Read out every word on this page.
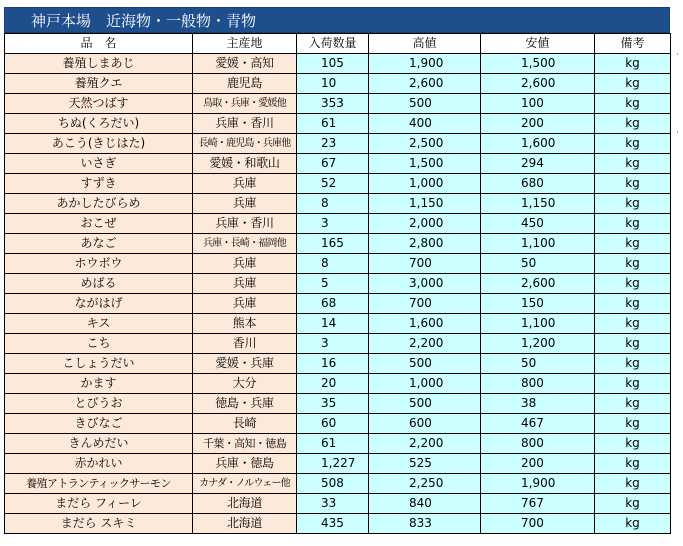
神戸本場　近海物・一般物・青物
品　名	主産地	入荷数量	高値	安値	備考
養殖しまあじ	愛媛・高知	105	1,900	1,500	kg
養殖クエ	鹿児島	10	2,600	2,600	kg
天然つばす	鳥取・兵庫・愛媛他	353	500	100	kg
ちぬ(くろだい)	兵庫・香川	61	400	200	kg
あこう(きじはた)	長崎・鹿児島・兵庫他	23	2,500	1,600	kg
いさぎ	愛媛・和歌山	67	1,500	294	kg
すずき	兵庫	52	1,000	680	kg
あかしたびらめ	兵庫	8	1,150	1,150	kg
おこぜ	兵庫・香川	3	2,000	450	kg
あなご	兵庫・長崎・福岡他	165	2,800	1,100	kg
ホウボウ	兵庫	8	700	50	kg
めばる	兵庫	5	3,000	2,600	kg
ながはげ	兵庫	68	700	150	kg
キス	熊本	14	1,600	1,100	kg
こち	香川	3	2,200	1,200	kg
こしょうだい	愛媛・兵庫	16	500	50	kg
かます	大分	20	1,000	800	kg
とびうお	徳島・兵庫	35	500	38	kg
きびなご	長崎	60	600	467	kg
きんめだい	千葉・高知・徳島	61	2,200	800	kg
赤かれい	兵庫・徳島	1,227	525	200	kg
養殖アトランティックサーモン	カナダ・ノルウェー他	508	2,250	1,900	kg
まだら フィーレ	北海道	33	840	767	kg
まだら スキミ	北海道	435	833	700	kg
·
·
